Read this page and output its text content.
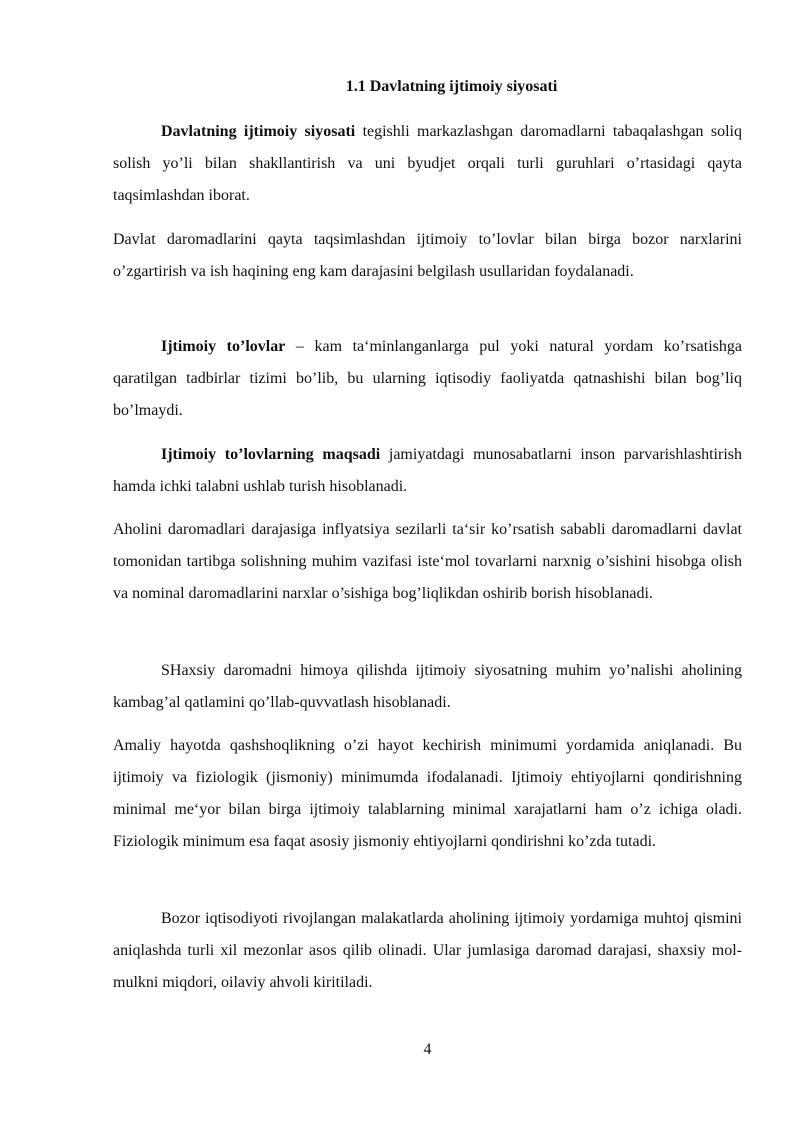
1.1 Davlatning ijtimoiy siyosati

Davlatning ijtimoiy siyosati tegishli markazlashgan daromadlarni tabaqalashgan soliq solish yo’li bilan shakllantirish va uni byudjet orqali turli guruhlari o’rtasidagi qayta taqsimlashdan iborat.

Davlat daromadlarini qayta taqsimlashdan ijtimoiy to’lovlar bilan birga bozor narxlarini o’zgartirish va ish haqining eng kam darajasini belgilash usullaridan foydalanadi.

Ijtimoiy to’lovlar – kam ta‘minlanganlarga pul yoki natural yordam ko’rsatishga qaratilgan tadbirlar tizimi bo’lib, bu ularning iqtisodiy faoliyatda qatnashishi bilan bog’liq bo’lmaydi.

Ijtimoiy to’lovlarning maqsadi jamiyatdagi munosabatlarni inson parvarishlashtirish hamda ichki talabni ushlab turish hisoblanadi.

Aholini daromadlari darajasiga inflyatsiya sezilarli ta‘sir ko’rsatish sababli daromadlarni davlat tomonidan tartibga solishning muhim vazifasi iste‘mol tovarlarni narxnig o’sishini hisobga olish va nominal daromadlarini narxlar o’sishiga bog’liqlikdan oshirib borish hisoblanadi.

SHaxsiy daromadni himoya qilishda ijtimoiy siyosatning muhim yo’nalishi aholining kambag’al qatlamini qo’llab-quvvatlash hisoblanadi.

Amaliy hayotda qashshoqlikning o’zi hayot kechirish minimumi yordamida aniqlanadi. Bu ijtimoiy va fiziologik (jismoniy) minimumda ifodalanadi. Ijtimoiy ehtiyojlarni qondirishning minimal me‘yor bilan birga ijtimoiy talablarning minimal xarajatlarni ham o’z ichiga oladi. Fiziologik minimum esa faqat asosiy jismoniy ehtiyojlarni qondirishni ko’zda tutadi.

Bozor iqtisodiyoti rivojlangan malakatlarda aholining ijtimoiy yordamiga muhtoj qismini aniqlashda turli xil mezonlar asos qilib olinadi. Ular jumlasiga daromad darajasi, shaxsiy mol-mulkni miqdori, oilaviy ahvoli kiritiladi.

4
